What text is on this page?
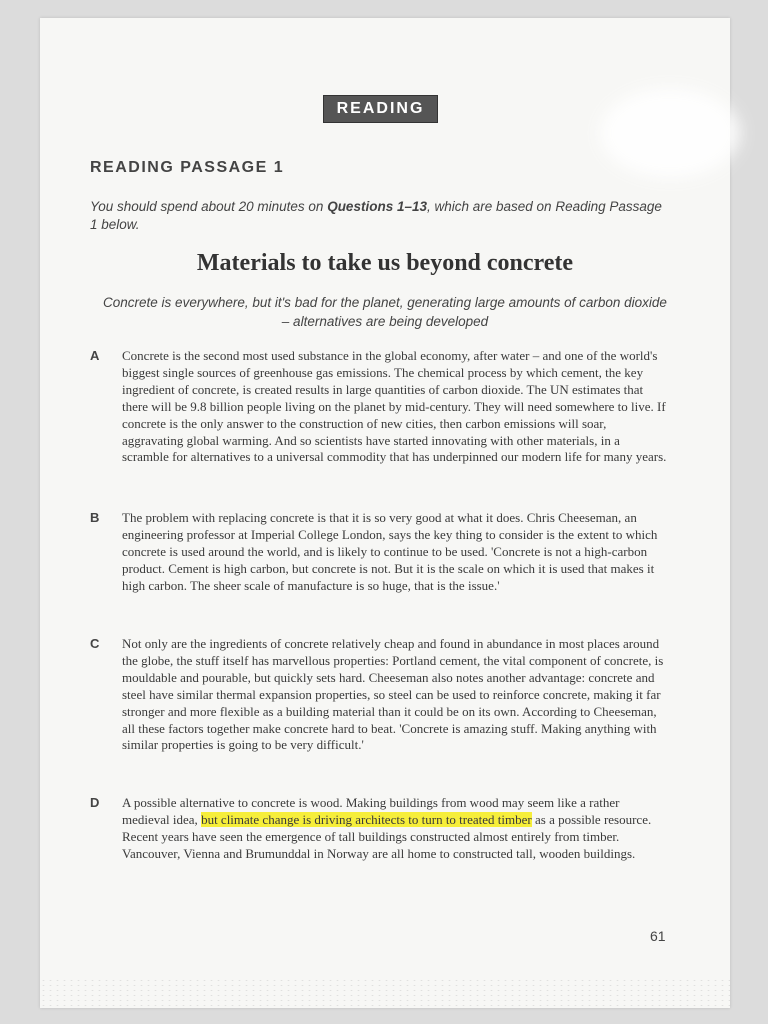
READING
READING PASSAGE 1
You should spend about 20 minutes on Questions 1–13, which are based on Reading Passage 1 below.
Materials to take us beyond concrete
Concrete is everywhere, but it's bad for the planet, generating large amounts of carbon dioxide – alternatives are being developed
A Concrete is the second most used substance in the global economy, after water – and one of the world's biggest single sources of greenhouse gas emissions. The chemical process by which cement, the key ingredient of concrete, is created results in large quantities of carbon dioxide. The UN estimates that there will be 9.8 billion people living on the planet by mid-century. They will need somewhere to live. If concrete is the only answer to the construction of new cities, then carbon emissions will soar, aggravating global warming. And so scientists have started innovating with other materials, in a scramble for alternatives to a universal commodity that has underpinned our modern life for many years.
B The problem with replacing concrete is that it is so very good at what it does. Chris Cheeseman, an engineering professor at Imperial College London, says the key thing to consider is the extent to which concrete is used around the world, and is likely to continue to be used. 'Concrete is not a high-carbon product. Cement is high carbon, but concrete is not. But it is the scale on which it is used that makes it high carbon. The sheer scale of manufacture is so huge, that is the issue.'
C Not only are the ingredients of concrete relatively cheap and found in abundance in most places around the globe, the stuff itself has marvellous properties: Portland cement, the vital component of concrete, is mouldable and pourable, but quickly sets hard. Cheeseman also notes another advantage: concrete and steel have similar thermal expansion properties, so steel can be used to reinforce concrete, making it far stronger and more flexible as a building material than it could be on its own. According to Cheeseman, all these factors together make concrete hard to beat. 'Concrete is amazing stuff. Making anything with similar properties is going to be very difficult.'
D A possible alternative to concrete is wood. Making buildings from wood may seem like a rather medieval idea, but climate change is driving architects to turn to treated timber as a possible resource. Recent years have seen the emergence of tall buildings constructed almost entirely from timber. Vancouver, Vienna and Brumunddal in Norway are all home to constructed tall, wooden buildings.
61
